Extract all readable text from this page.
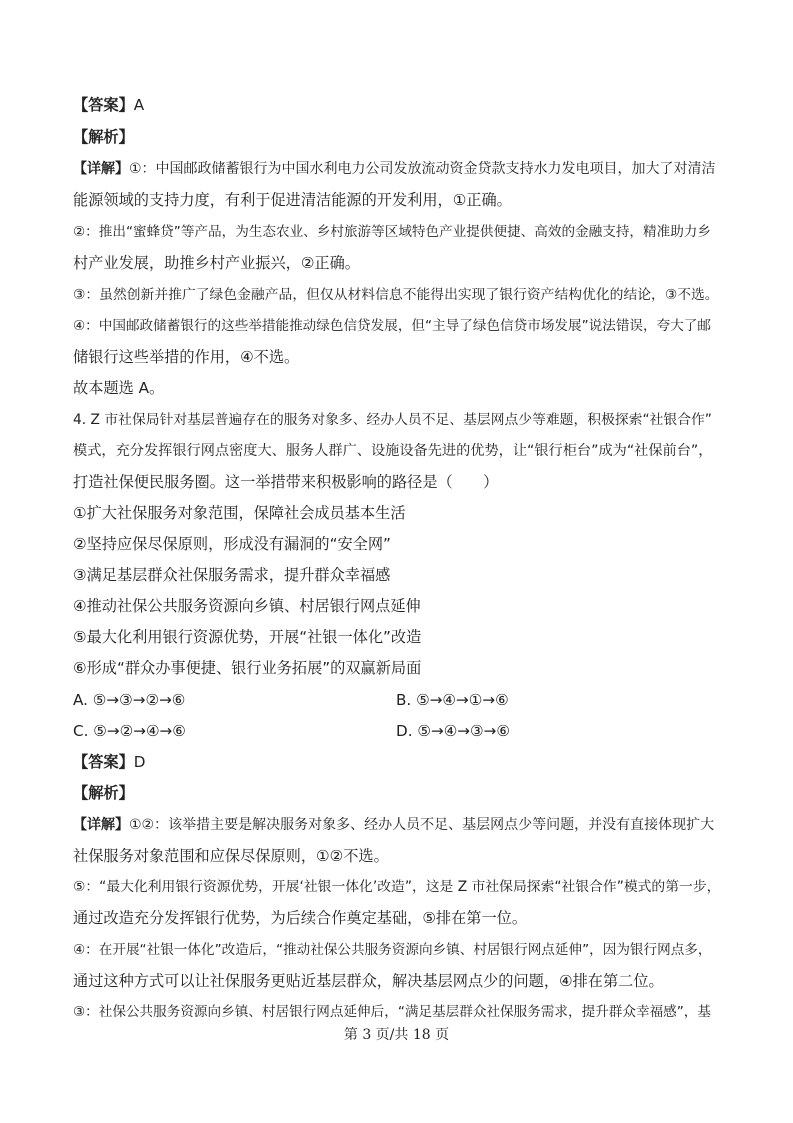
【答案】A
【解析】
【详解】①：中国邮政储蓄银行为中国水利电力公司发放流动资金贷款支持水力发电项目，加大了对清洁
能源领域的支持力度，有利于促进清洁能源的开发利用，①正确。
②：推出“蜜蜂贷”等产品，为生态农业、乡村旅游等区域特色产业提供便捷、高效的金融支持，精准助力乡
村产业发展，助推乡村产业振兴，②正确。
③：虽然创新并推广了绿色金融产品，但仅从材料信息不能得出实现了银行资产结构优化的结论，③不选。
④：中国邮政储蓄银行的这些举措能推动绿色信贷发展，但“主导了绿色信贷市场发展”说法错误，夸大了邮
储银行这些举措的作用，④不选。
故本题选 A。
4. Z 市社保局针对基层普遍存在的服务对象多、经办人员不足、基层网点少等难题，积极探索“社银合作”
模式，充分发挥银行网点密度大、服务人群广、设施设备先进的优势，让“银行柜台”成为“社保前台”，
打造社保便民服务圈。这一举措带来积极影响的路径是（　　）
①扩大社保服务对象范围，保障社会成员基本生活
②坚持应保尽保原则，形成没有漏洞的“安全网”
③满足基层群众社保服务需求，提升群众幸福感
④推动社保公共服务资源向乡镇、村居银行网点延伸
⑤最大化利用银行资源优势，开展“社银一体化”改造
⑥形成“群众办事便捷、银行业务拓展”的双赢新局面
A. ⑤→③→②→⑥	B. ⑤→④→①→⑥
C. ⑤→②→④→⑥	D. ⑤→④→③→⑥
【答案】D
【解析】
【详解】①②：该举措主要是解决服务对象多、经办人员不足、基层网点少等问题，并没有直接体现扩大
社保服务对象范围和应保尽保原则，①②不选。
⑤：“最大化利用银行资源优势，开展‘社银一体化’改造”，这是 Z 市社保局探索“社银合作”模式的第一步，
通过改造充分发挥银行优势，为后续合作奠定基础，⑤排在第一位。
④：在开展“社银一体化”改造后，“推动社保公共服务资源向乡镇、村居银行网点延伸”，因为银行网点多，
通过这种方式可以让社保服务更贴近基层群众，解决基层网点少的问题，④排在第二位。
③：社保公共服务资源向乡镇、村居银行网点延伸后，“满足基层群众社保服务需求，提升群众幸福感”，基
第 3 页/共 18 页
